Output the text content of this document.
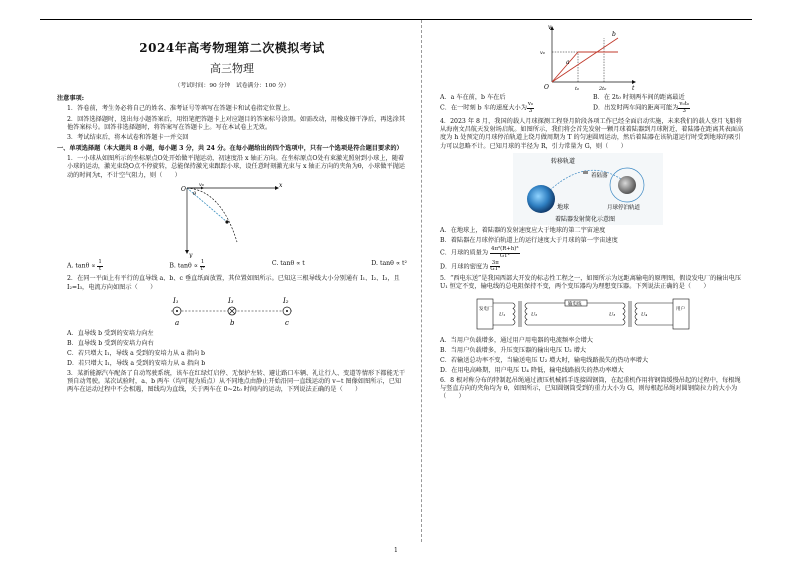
2024年高考物理第二次模拟考试
高三物理
（考试时间：90 分钟　试卷满分：100 分）

注意事项:

1．答卷前，考生务必将自己的姓名、准考证号等填写在答题卡和试卷指定位置上。

2．回答选择题时，选出每小题答案后，用铅笔把答题卡上对应题目的答案标号涂黑。如需改动，用橡皮擦干净后，再选涂其他答案标号。回答非选择题时，将答案写在答题卡上。写在本试卷上无效。

3．考试结束后，将本试卷和答题卡一并交回

一、单项选择题（本大题共 8 小题，每小题 3 分，共 24 分。在每小题给出的四个选项中，只有一个选项是符合题目要求的）

1．一小球从如图所示的坐标原点O处开始做平抛运动，初速度沿 x 轴正方向。在坐标原点O处有束激光照射到小球上，随着小球的运动，激光束绕O点不停旋转，总能保持激光束跟踪小球，设任意时刻激光束与 x 轴正方向的夹角为θ，小球做平抛运动的时间为t，不计空气阻力，则（　　）

O
v₀
θ
x
y
A. $\tan\theta \propto \frac{1}{t}$	B. $\tan\theta \propto \frac{1}{\text{t²}}$	C. tanθ ∝ t	D. tanθ ∝ t²

2．在同一平面上有平行的直导线 a、b、c 垂直纸面放置，其位置如图所示。已知这三根导线大小分别通有 I₁、I₂、I₃，且 I₂=I₃，电流方向如图示（　　）

I₁	I₃	I₂
a	b	c

A．直导线 b 受到的安培力向左

B．直导线 b 受到的安培力向右

C．若只增大 I₁，导线 a 受到的安培力从 a 指向 b

D．若只增大 I₁，导线 a 受到的安培力从 a 指向 b

3．某新能源汽车配备了自动驾驶系统，该车在红绿灯启停、无保护左转、避让路口车辆、礼让行人、变道等情形下都能无干预自动驾驶。某次试验时，a、b 两车（均可视为质点）从不同地点由静止开始沿同一直线运动的 v−t 图像如图所示，已知两车在运动过程中不会相遇，图线均为直线，关于两车在 0~2t₀ 时间内的运动，下列说法正确的是（　　）

v
t
O
v₀
t₀	2t₀
a
b
A．a 车在前，b 车在后	B．在 2t₀ 时刻两车间的距离最近
C．在一时刻 b 车的速度大小为 $\frac{\text{v₀}}{3}$	D．出发时两车间的距离可能为 $\frac{\text{v₀t₀}}{3}$

4．2023 年 8 月，我国的载人月球探测工程登月阶段各项工作已经全面启动实施，未来我们的载人登月飞船将从海南文昌航天发射场启航。如图所示，我们将会首先发射一颗月球着陆器到月球附近，着陆器在距离其表面高度为 h 处预定的月球停泊轨道上绕月做周期为 T 的匀速圆周运动，然后着陆器在该轨道运行时受到地球的吸引力可以忽略不计。已知月球的半径为 R，引力常量为 G，则（　　）

转移轨道
着陆器
地球	月球停泊轨道
着陆器发射简化示意图

A．在地球上，着陆器的发射速度应大于地球的第二宇宙速度

B．着陆器在月球停泊轨道上的运行速度大于月球的第一宇宙速度

C．月球的质量为 $\frac{\text{4π²(R+h)³}}{\text{GT²}}$

D．月球的密度为 $\frac{3\pi}{\text{GT²}}$

5．“西电东送”是我国西部大开发的标志性工程之一，如图所示为远距离输电的原理图，假设发电厂的输出电压 U₁ 恒定不变，输电线的总电阻保持不变，两个变压器均为理想变压器。下列说法正确的是（　　）

发电厂
U₁	U₂
输电线
U₃	U₄
用户

A．当用户负载增多，通过用户用电器的电流频率会增大

B．当用户负载增多，升压变压器的输出电压 U₂ 增大

C．若输送总功率不变，当输送电压 U₂ 增大时，输电线路损失的热功率增大

D．在用电高峰期，用户电压 U₄ 降低，输电线路损失的热功率增大

6．8 根对称分布的特制起吊绳通过液压机械抓手连接圆钢筒，在起重机作用将钢筒缓慢吊起的过程中，每根绳与竖直方向的夹角均为 θ，如图所示，已知圆钢筒受到的重力大小为 G，则每根起吊绳对圆钢筒拉力的大小为（　　）

1
